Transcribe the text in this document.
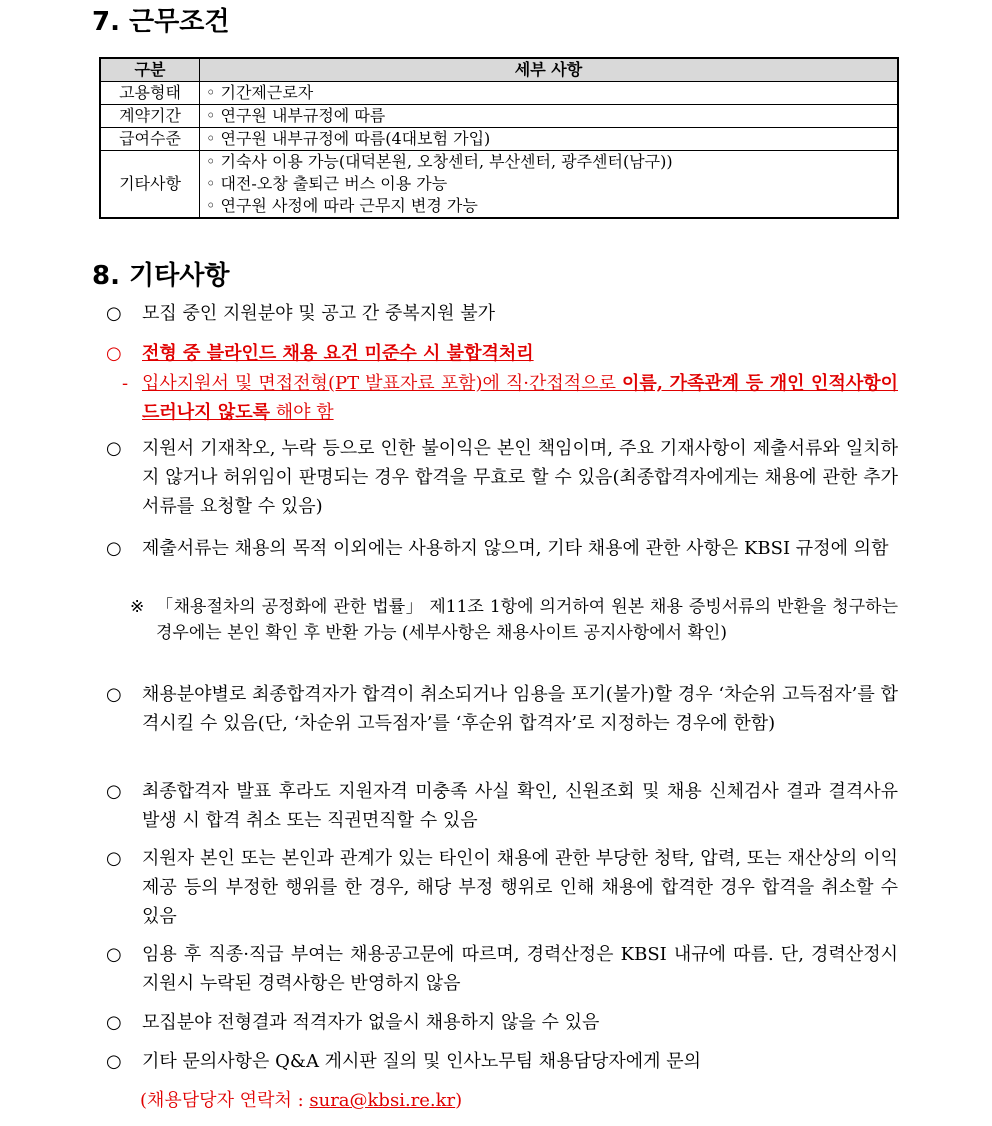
7. 근무조건
구분	세부 사항
고용형태	◦ 기간제근로자

계약기간	◦ 연구원 내부규정에 따름

급여수준	◦ 연구원 내부규정에 따름(4대보험 가입)

기타사항	◦ 기숙사 이용 가능(대덕본원, 오창센터, 부산센터, 광주센터(남구))
◦ 대전-오창 출퇴근 버스 이용 가능
◦ 연구원 사정에 따라 근무지 변경 가능
8. 기타사항
○	모집 중인 지원분야 및 공고 간 중복지원 불가
○	전형 중 블라인드 채용 요건 미준수 시 불합격처리
- 입사지원서 및 면접전형(PT 발표자료 포함)에 직·간접적으로 이름, 가족관계 등 개인 인적사항이 드러나지 않도록 해야 함
○	지원서 기재착오, 누락 등으로 인한 불이익은 본인 책임이며, 주요 기재사항이 제출서류와 일치하지 않거나 허위임이 판명되는 경우 합격을 무효로 할 수 있음(최종합격자에게는 채용에 관한 추가서류를 요청할 수 있음)
○	제출서류는 채용의 목적 이외에는 사용하지 않으며, 기타 채용에 관한 사항은 KBSI 규정에 의함
※ 「채용절차의 공정화에 관한 법률」 제11조 1항에 의거하여 원본 채용 증빙서류의 반환을 청구하는 경우에는 본인 확인 후 반환 가능 (세부사항은 채용사이트 공지사항에서 확인)
○	채용분야별로 최종합격자가 합격이 취소되거나 임용을 포기(불가)할 경우 ‘차순위 고득점자’를 합격시킬 수 있음(단, ‘차순위 고득점자’를 ‘후순위 합격자’로 지정하는 경우에 한함)
○	최종합격자 발표 후라도 지원자격 미충족 사실 확인, 신원조회 및 채용 신체검사 결과 결격사유 발생 시 합격 취소 또는 직권면직할 수 있음
○	지원자 본인 또는 본인과 관계가 있는 타인이 채용에 관한 부당한 청탁, 압력, 또는 재산상의 이익 제공 등의 부정한 행위를 한 경우, 해당 부정 행위로 인해 채용에 합격한 경우 합격을 취소할 수 있음
○	임용 후 직종·직급 부여는 채용공고문에 따르며, 경력산정은 KBSI 내규에 따름. 단, 경력산정시 지원시 누락된 경력사항은 반영하지 않음
○	모집분야 전형결과 적격자가 없을시 채용하지 않을 수 있음
○	기타 문의사항은 Q&A 게시판 질의 및 인사노무팀 채용담당자에게 문의
(채용담당자 연락처 : sura@kbsi.re.kr)
